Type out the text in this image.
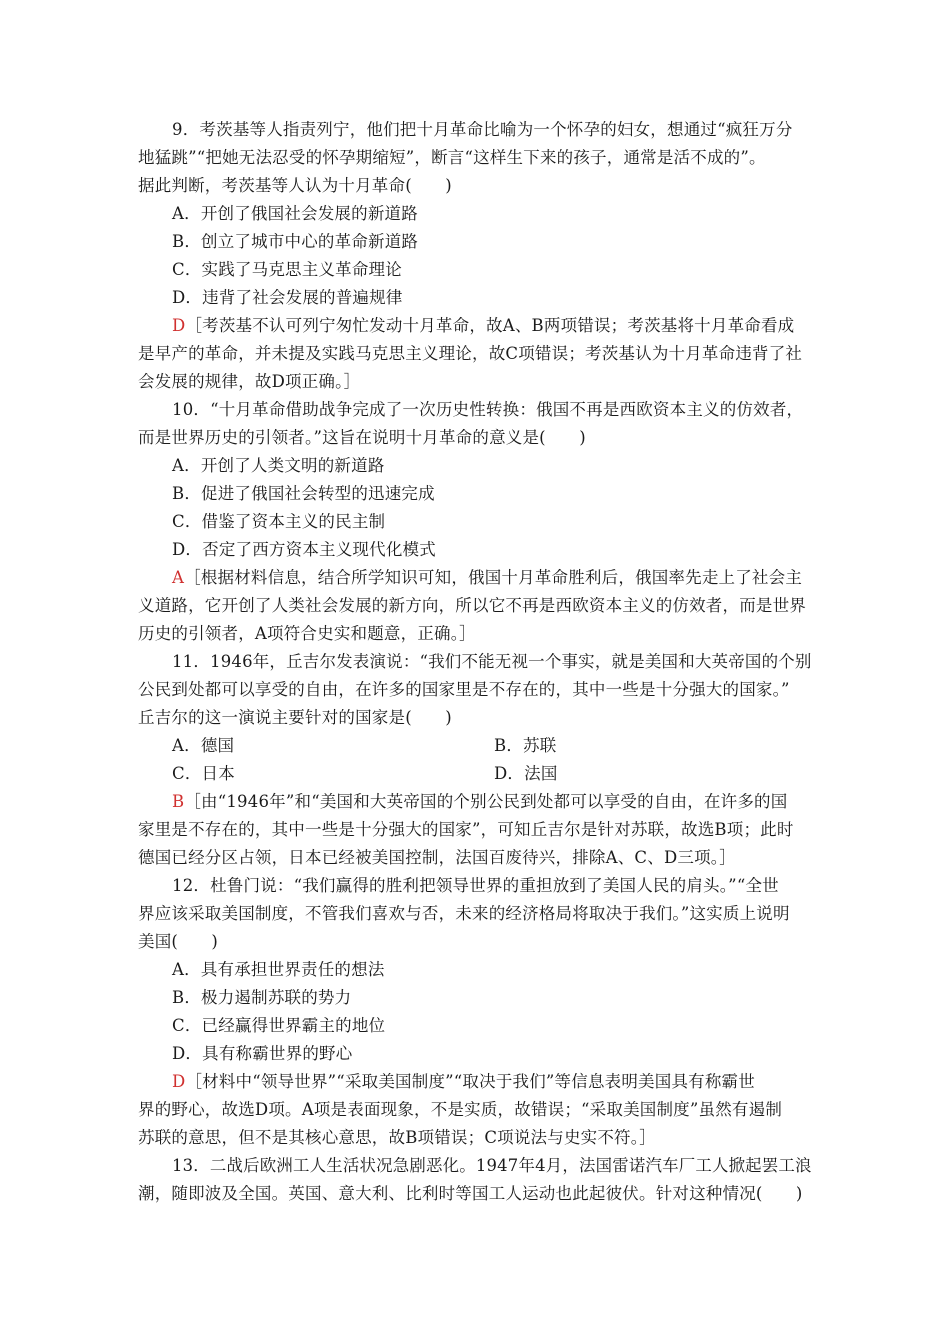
9．考茨基等人指责列宁，他们把十月革命比喻为一个怀孕的妇女，想通过“疯狂万分
地猛跳”“把她无法忍受的怀孕期缩短”，断言“这样生下来的孩子，通常是活不成的”。
据此判断，考茨基等人认为十月革命(　　)
A．开创了俄国社会发展的新道路
B．创立了城市中心的革命新道路
C．实践了马克思主义革命理论
D．违背了社会发展的普遍规律
D［考茨基不认可列宁匆忙发动十月革命，故A、B两项错误；考茨基将十月革命看成
是早产的革命，并未提及实践马克思主义理论，故C项错误；考茨基认为十月革命违背了社
会发展的规律，故D项正确。］
10．“十月革命借助战争完成了一次历史性转换：俄国不再是西欧资本主义的仿效者，
而是世界历史的引领者。”这旨在说明十月革命的意义是(　　)
A．开创了人类文明的新道路
B．促进了俄国社会转型的迅速完成
C．借鉴了资本主义的民主制
D．否定了西方资本主义现代化模式
A［根据材料信息，结合所学知识可知，俄国十月革命胜利后，俄国率先走上了社会主
义道路，它开创了人类社会发展的新方向，所以它不再是西欧资本主义的仿效者，而是世界
历史的引领者，A项符合史实和题意，正确。］
11．1946年，丘吉尔发表演说：“我们不能无视一个事实，就是美国和大英帝国的个别
公民到处都可以享受的自由，在许多的国家里是不存在的，其中一些是十分强大的国家。”
丘吉尔的这一演说主要针对的国家是(　　)
A．德国	B．苏联
C．日本	D．法国
B［由“1946年”和“美国和大英帝国的个别公民到处都可以享受的自由，在许多的国
家里是不存在的，其中一些是十分强大的国家”，可知丘吉尔是针对苏联，故选B项；此时
德国已经分区占领，日本已经被美国控制，法国百废待兴，排除A、C、D三项。］
12．杜鲁门说：“我们赢得的胜利把领导世界的重担放到了美国人民的肩头。”“全世
界应该采取美国制度，不管我们喜欢与否，未来的经济格局将取决于我们。”这实质上说明
美国(　　)
A．具有承担世界责任的想法
B．极力遏制苏联的势力
C．已经赢得世界霸主的地位
D．具有称霸世界的野心
D［材料中“领导世界”“采取美国制度”“取决于我们”等信息表明美国具有称霸世
界的野心，故选D项。A项是表面现象，不是实质，故错误；“采取美国制度”虽然有遏制
苏联的意思，但不是其核心意思，故B项错误；C项说法与史实不符。］
13．二战后欧洲工人生活状况急剧恶化。1947年4月，法国雷诺汽车厂工人掀起罢工浪
潮，随即波及全国。英国、意大利、比利时等国工人运动也此起彼伏。针对这种情况(　　)
